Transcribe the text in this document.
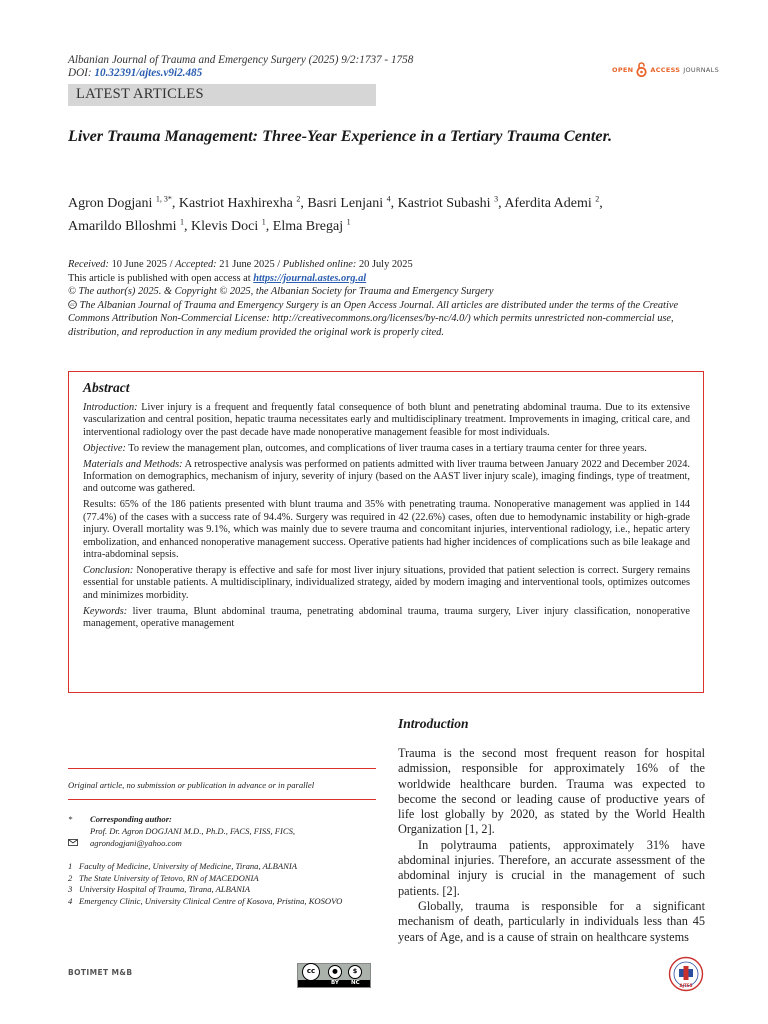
Albanian Journal of Trauma and Emergency Surgery (2025) 9/2:1737 - 1758
DOI: 10.32391/ajtes.v9i2.485	OPEN	ACCESS JOURNALS
LATEST ARTICLES
Liver Trauma Management: Three-Year Experience in a Tertiary Trauma Center.
Agron Dogjani $^{1, 3*}$, Kastriot Haxhirexha $^2$, Basri Lenjani $^4$, Kastriot Subashi $^3$, Aferdita Ademi $^2$,
Amarildo Blloshmi $^1$, Klevis Doci $^1$, Elma Bregaj $^1$
Received: 10 June 2025 / Accepted: 21 June 2025 / Published online: 20 July 2025
This article is published with open access at https://journal.astes.org.al
© The author(s) 2025. & Copyright © 2025, the Albanian Society for Trauma and Emergency Surgery
cc The Albanian Journal of Trauma and Emergency Surgery is an Open Access Journal. All articles are distributed under the terms of the Creative Commons Attribution Non-Commercial License: http://creativecommons.org/licenses/by-nc/4.0/) which permits unrestricted non-commercial use, distribution, and reproduction in any medium provided the original work is properly cited.
Abstract

Introduction: Liver injury is a frequent and frequently fatal consequence of both blunt and penetrating abdominal trauma. Due to its extensive vascularization and central position, hepatic trauma necessitates early and multidisciplinary treatment. Improvements in imaging, critical care, and interventional radiology over the past decade have made nonoperative management feasible for most individuals.

Objective: To review the management plan, outcomes, and complications of liver trauma cases in a tertiary trauma center for three years.

Materials and Methods: A retrospective analysis was performed on patients admitted with liver trauma between January 2022 and December 2024. Information on demographics, mechanism of injury, severity of injury (based on the AAST liver injury scale), imaging findings, type of treatment, and outcome was gathered.

Results: 65% of the 186 patients presented with blunt trauma and 35% with penetrating trauma. Nonoperative management was applied in 144 (77.4%) of the cases with a success rate of 94.4%. Surgery was required in 42 (22.6%) cases, often due to hemodynamic instability or high-grade injury. Overall mortality was 9.1%, which was mainly due to severe trauma and concomitant injuries, interventional radiology, i.e., hepatic artery embolization, and enhanced nonoperative management success. Operative patients had higher incidences of complications such as bile leakage and intra-abdominal sepsis.

Conclusion: Nonoperative therapy is effective and safe for most liver injury situations, provided that patient selection is correct. Surgery remains essential for unstable patients. A multidisciplinary, individualized strategy, aided by modern imaging and interventional tools, optimizes outcomes and minimizes morbidity.

Keywords: liver trauma, Blunt abdominal trauma, penetrating abdominal trauma, trauma surgery, Liver injury classification, nonoperative management, operative management

Original article, no submission or publication in advance or in parallel
*	Corresponding author:
Prof. Dr. Agron DOGJANI M.D., Ph.D., FACS, FISS, FICS,
agrondogjani@yahoo.com
1 Faculty of Medicine, University of Medicine, Tirana, ALBANIA
2 The State University of Tetovo, RN of MACEDONIA
3 University Hospital of Trauma, Tirana, ALBANIA
4 Emergency Clinic, University Clinical Centre of Kosova, Pristina, KOSOVO
Introduction

Trauma is the second most frequent reason for hospital admission, responsible for approximately 16% of the worldwide healthcare burden. Trauma was expected to become the second or leading cause of productive years of life lost globally by 2020, as stated by the World Health Organization [1, 2].

In polytrauma patients, approximately 31% have abdominal injuries. Therefore, an accurate assessment of the abdominal injury is crucial in the management of such patients. [2].

Globally, trauma is responsible for a significant mechanism of death, particularly in individuals less than 45 years of Age, and is a cause of strain on healthcare systems

BOTIMET M&B	cc	●	$
BY NC	AJTES
